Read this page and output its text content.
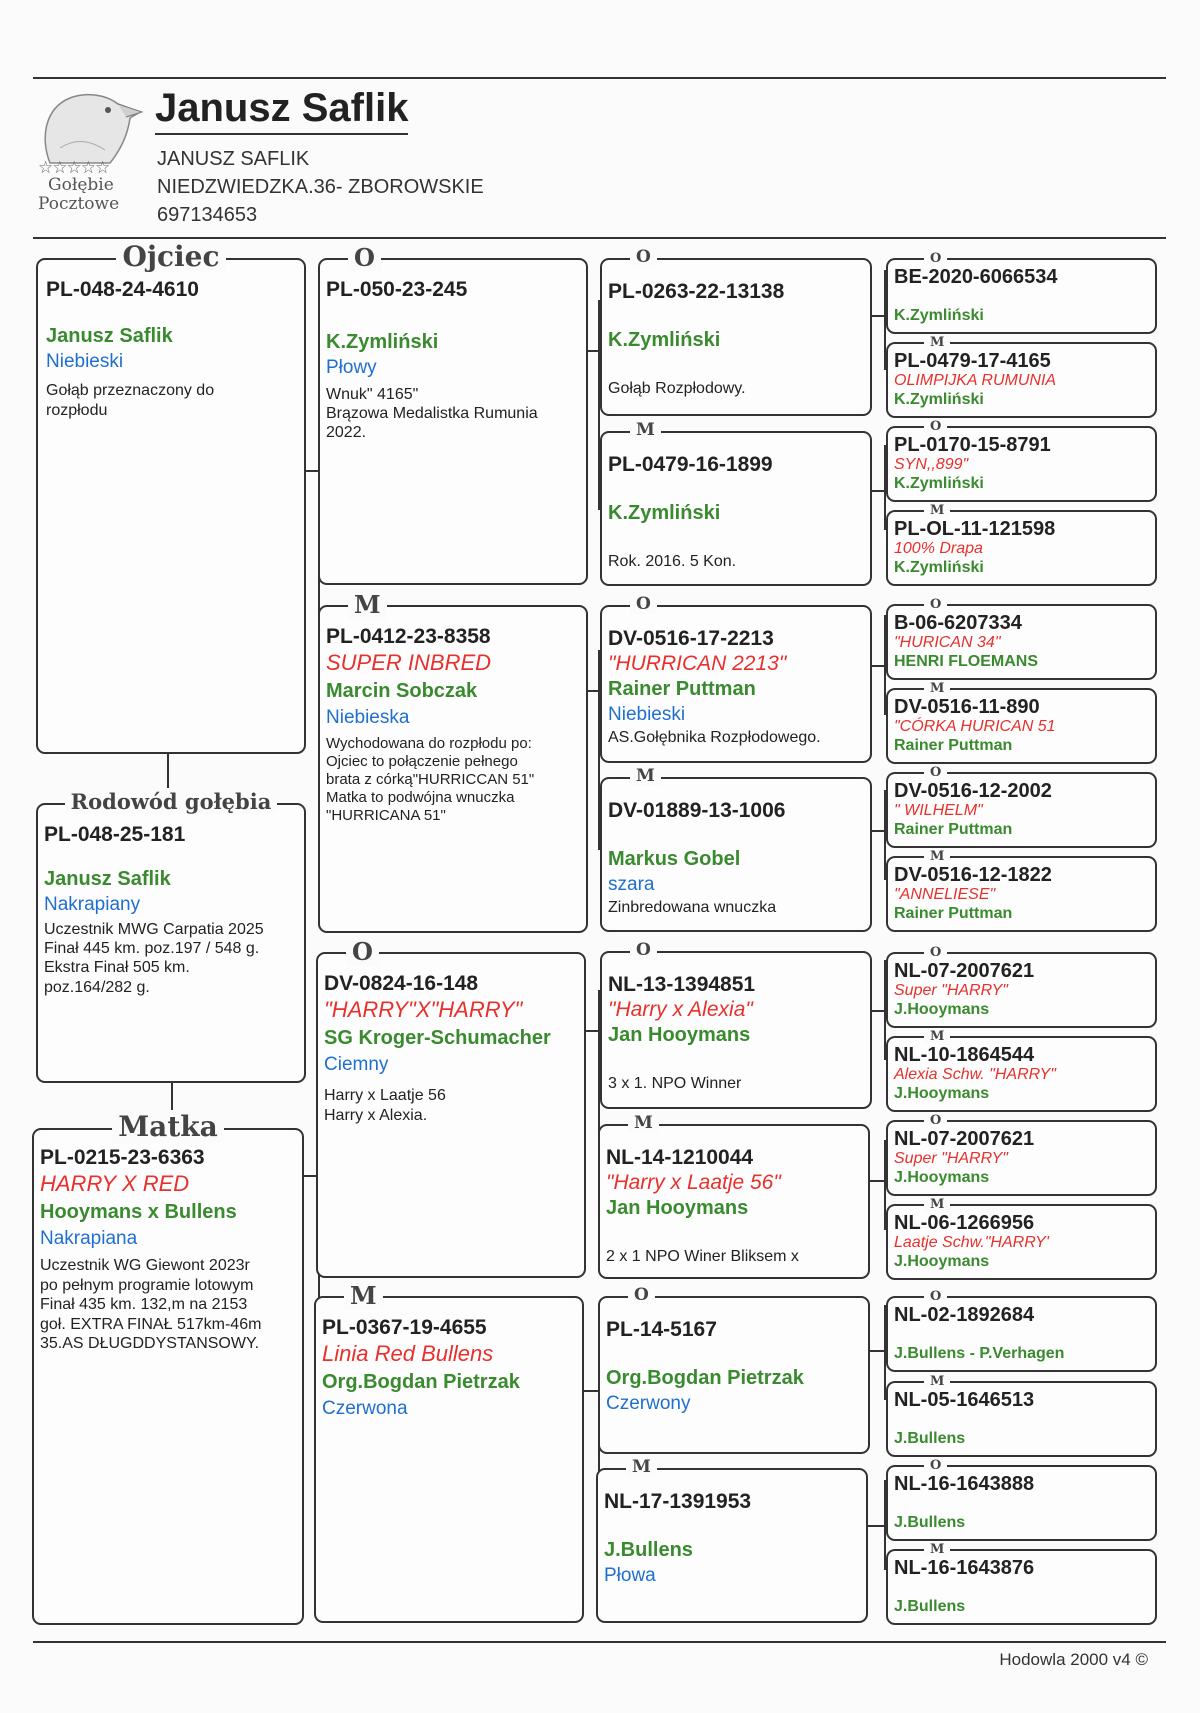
☆☆☆☆☆
Gołębie
Pocztowe
Janusz Saflik
JANUSZ SAFLIK
NIEDZWIEDZKA.36- ZBOROWSKIE
697134653
Ojciec
PL-048-24-4610
Janusz Saflik
Niebieski
Gołąb przeznaczony do
rozpłodu
Rodowód gołębia
PL-048-25-181
Janusz Saflik
Nakrapiany
Uczestnik MWG Carpatia 2025
Finał 445 km. poz.197 / 548 g.
Ekstra Finał 505 km.
poz.164/282 g.
Matka
PL-0215-23-6363
HARRY X RED
Hooymans x Bullens
Nakrapiana
Uczestnik WG Giewont 2023r
po pełnym programie lotowym
Finał 435 km. 132,m na 2153
goł. EXTRA FINAŁ 517km-46m
35.AS DŁUGDDYSTANSOWY.
O
PL-050-23-245
K.Zymliński
Płowy
Wnuk" 4165"
Brązowa Medalistka Rumunia
2022.
M
PL-0412-23-8358
SUPER INBRED
Marcin Sobczak
Niebieska
Wychodowana do rozpłodu po:
Ojciec to połączenie pełnego
brata z córką"HURRICCAN 51"
Matka to podwójna wnuczka
"HURRICANA 51"
O
DV-0824-16-148
"HARRY"X"HARRY"
SG Kroger-Schumacher
Ciemny
Harry x Laatje 56
Harry x Alexia.
M
PL-0367-19-4655
Linia Red Bullens
Org.Bogdan Pietrzak
Czerwona
O
PL-0263-22-13138
K.Zymliński
Gołąb Rozpłodowy.
M
PL-0479-16-1899
K.Zymliński
Rok. 2016. 5 Kon.
O
DV-0516-17-2213
"HURRICAN 2213"
Rainer Puttman
Niebieski
AS.Gołębnika Rozpłodowego.
M
DV-01889-13-1006
Markus Gobel
szara
Zinbredowana wnuczka
O
NL-13-1394851
"Harry x Alexia"
Jan Hooymans
3 x 1. NPO Winner
M
NL-14-1210044
"Harry x Laatje 56"
Jan Hooymans
2 x 1 NPO Winer Bliksem x
O
PL-14-5167
Org.Bogdan Pietrzak
Czerwony
M
NL-17-1391953
J.Bullens
Płowa
O
BE-2020-6066534
K.Zymliński
M
PL-0479-17-4165
OLIMPIJKA RUMUNIA
K.Zymliński
O
PL-0170-15-8791
SYN,,899"
K.Zymliński
M
PL-OL-11-121598
100% Drapa
K.Zymliński
O
B-06-6207334
"HURICAN 34"
HENRI FLOEMANS
M
DV-0516-11-890
"CÓRKA HURICAN 51
Rainer Puttman
O
DV-0516-12-2002
" WILHELM"
Rainer Puttman
M
DV-0516-12-1822
"ANNELIESE"
Rainer Puttman
O
NL-07-2007621
Super "HARRY"
J.Hooymans
M
NL-10-1864544
Alexia Schw. "HARRY"
J.Hooymans
O
NL-07-2007621
Super "HARRY"
J.Hooymans
M
NL-06-1266956
Laatje Schw."HARRY'
J.Hooymans
O
NL-02-1892684
J.Bullens - P.Verhagen
M
NL-05-1646513
J.Bullens
O
NL-16-1643888
J.Bullens
M
NL-16-1643876
J.Bullens
Hodowla 2000 v4 ©
